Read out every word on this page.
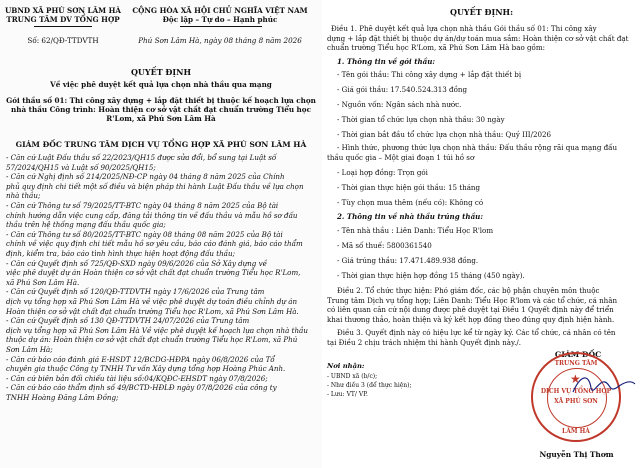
UBND XÃ PHÚ SƠN LÂM HÀ
TRUNG TÂM DV TỔNG HỢP
Số: 62/QĐ-TTDVTH
CỘNG HÒA XÃ HỘI CHỦ NGHĨA VIỆT NAM
Độc lập – Tự do – Hạnh phúc
Phú Sơn Lâm Hà, ngày 08 tháng 8 năm 2026
QUYẾT ĐỊNH
Về việc phê duyệt kết quả lựa chọn nhà thầu qua mạng
Gói thầu số 01: Thi công xây dựng + lắp đặt thiết bị thuộc kế hoạch lựa chọn
nhà thầu Công trình: Hoàn thiện cơ sở vật chất đạt chuẩn trường Tiểu học
R'Lom, xã Phú Sơn Lâm Hà
GIÁM ĐỐC TRUNG TÂM DỊCH VỤ TỔNG HỢP XÃ PHÚ SƠN LÂM HÀ
- Căn cứ Luật Đấu thầu số 22/2023/QH15 được sửa đổi, bổ sung tại Luật số
57/2024/QH15 và Luật số 90/2025/QH15;
- Căn cứ Nghị định số 214/2025/NĐ-CP ngày 04 tháng 8 năm 2025 của Chính
phủ quy định chi tiết một số điều và biện pháp thi hành Luật Đấu thầu về lựa chọn
nhà thầu;
- Căn cứ Thông tư số 79/2025/TT-BTC ngày 04 tháng 8 năm 2025 của Bộ tài
chính hướng dẫn việc cung cấp, đăng tải thông tin về đấu thầu và mẫu hồ sơ đấu
thầu trên hệ thống mạng đấu thầu quốc gia;
- Căn cứ Thông tư số 80/2025/TT-BTC ngày 08 tháng 08 năm 2025 của Bộ tài
chính về việc quy định chi tiết mẫu hồ sơ yêu cầu, báo cáo đánh giá, báo cáo thẩm
định, kiểm tra, báo cáo tình hình thực hiện hoạt động đấu thầu;
- Căn cứ Quyết định số 725/QĐ-SXD ngày 09/6/2026 của Sở Xây dựng về
việc phê duyệt dự án Hoàn thiện cơ sở vật chất đạt chuẩn trường Tiểu học R'Lom,
xã Phú Sơn Lâm Hà.
- Căn cứ Quyết định số 120/QĐ-TTDVTH ngày 17/6/2026 của Trung tâm
dịch vụ tổng hợp xã Phú Sơn Lâm Hà về việc phê duyệt dự toán điều chỉnh dự án
Hoàn thiện cơ sở vật chất đạt chuẩn trường Tiểu học R'Lom, xã Phú Sơn Lâm Hà.
- Căn cứ Quyết định số 130 QĐ-TTDVTH 24/07/2026 của Trung tâm
dịch vụ tổng hợp xã Phú Sơn Lâm Hà Về việc phê duyệt kế hoạch lựa chọn nhà thầu
thuộc dự án: Hoàn thiện cơ sở vật chất đạt chuẩn trường Tiểu học R'Lom, xã Phú
Sơn Lâm Hà;
- Căn cứ báo cáo đánh giá E-HSDT 12/BCDG-HĐPA ngày 06/8/2026 của Tổ
chuyên gia thuộc Công ty TNHH Tư vấn Xây dựng tổng hợp Hoàng Phúc Anh.
- Căn cứ biên bản đối chiếu tài liệu số:04/KQĐC-EHSDT ngày 07/8/2026;
- Căn cứ báo cáo thẩm định số 49/BCTD-HĐLĐ ngày 07/8/2026 của công ty
TNHH Hoàng Đăng Lâm Đồng;
QUYẾT ĐỊNH:
Điều 1. Phê duyệt kết quả lựa chọn nhà thầu Gói thầu số 01: Thi công xây
dựng + lắp đặt thiết bị thuộc dự án/dự toán mua sắm: Hoàn thiện cơ sở vật chất đạt
chuẩn trường Tiểu học R'Lom, xã Phú Sơn Lâm Hà bao gồm:
1. Thông tin về gói thầu:
- Tên gói thầu: Thi công xây dựng + lắp đặt thiết bị
- Giá gói thầu: 17.540.524.313 đồng
- Nguồn vốn: Ngân sách nhà nước.
- Thời gian tổ chức lựa chọn nhà thầu: 30 ngày
- Thời gian bắt đầu tổ chức lựa chọn nhà thầu: Quý III/2026
- Hình thức, phương thức lựa chọn nhà thầu: Đấu thầu rộng rãi qua mạng đấu
thầu quốc gia – Một giai đoạn 1 túi hồ sơ
- Loại hợp đồng: Trọn gói
- Thời gian thực hiện gói thầu: 15 tháng
- Tùy chọn mua thêm (nếu có): Không có
2. Thông tin về nhà thầu trúng thầu:
- Tên nhà thầu : Liên Danh: Tiểu Học R'lom
- Mã số thuế: 5800361540
- Giá trúng thầu: 17.471.489.938 đồng.
- Thời gian thực hiện hợp đồng 15 tháng (450 ngày).
Điều 2. Tổ chức thực hiện: Phó giám đốc, các bộ phận chuyên môn thuộc
Trung tâm Dịch vụ tổng hợp; Liên Danh: Tiểu Học R'lom và các tổ chức, cá nhân
có liên quan căn cứ nội dung được phê duyệt tại Điều 1 Quyết định này để triển
khai thương thảo, hoàn thiện và ký kết hợp đồng theo đúng quy định hiện hành.
Điều 3. Quyết định này có hiệu lực kể từ ngày ký. Các tổ chức, cá nhân có tên
tại Điều 2 chịu trách nhiệm thi hành Quyết định này./.
Nơi nhận:
- UBND xã (b/c);
- Như điều 3 (để thực hiện);
- Lưu: VT/ VP.
GIÁM ĐỐC
★
TRUNG TÂM
DỊCH VỤ TỔNG HỢP
XÃ PHÚ SƠN
LÂM HÀ
Nguyễn Thị Thơm
